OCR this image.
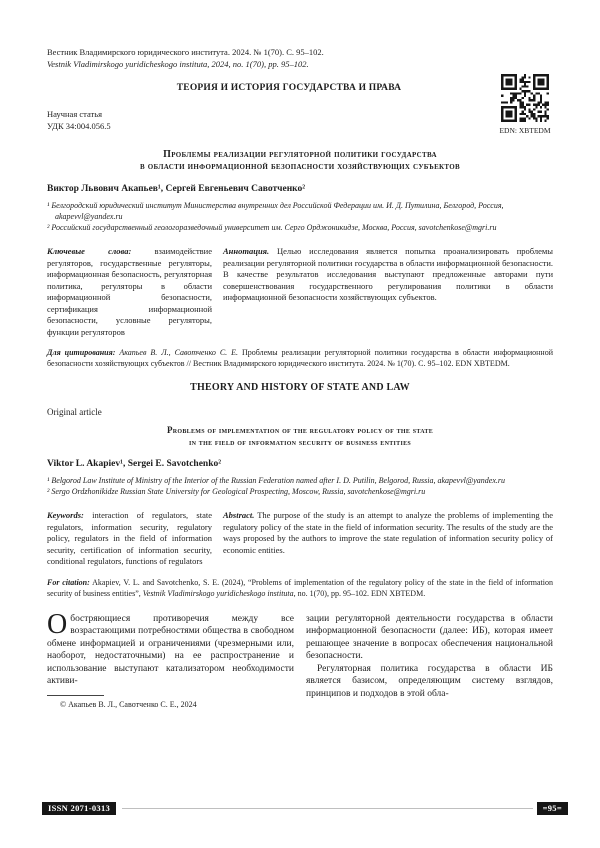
Вестник Владимирского юридического института. 2024. № 1(70). С. 95–102.
Vestnik Vladimirskogo yuridicheskogo instituta, 2024, no. 1(70), pp. 95–102.
EDN: XBTEDM
ТЕОРИЯ И ИСТОРИЯ ГОСУДАРСТВА И ПРАВА
Научная статья
УДК 34:004.056.5
Проблемы реализации регуляторной политики государства
в области информационной безопасности хозяйствующих субъектов
Виктор Львович Акапьев¹, Сергей Евгеньевич Савотченко²

¹ Белгородский юридический институт Министерства внутренних дел Российской Федерации им. И. Д. Путилина, Белгород, Россия, akapevvl@yandex.ru

² Российский государственный геологоразведочный университет им. Серго Орджоникидзе, Москва, Россия, savotchenkose@mgri.ru

Ключевые слова: взаимодействие регуляторов, государственные регуляторы, информационная безопасность, регуляторная политика, регуляторы в области информационной безопасности, сертификация информационной безопасности, условные регуляторы, функции регуляторов

Аннотация. Целью исследования является попытка проанализировать проблемы реализации регуляторной политики государства в области информационной безопасности. В качестве результатов исследования выступают предложенные авторами пути совершенствования государственного регулирования политики в области информационной безопасности хозяйствующих субъектов.

Для цитирования: Акапьев В. Л., Савотченко С. Е. Проблемы реализации регуляторной политики государства в области информационной безопасности хозяйствующих субъектов // Вестник Владимирского юридического института. 2024. № 1(70). С. 95–102. EDN XBTEDM.

THEORY AND HISTORY OF STATE AND LAW
Original article
Problems of implementation of the regulatory policy of the state
in the field of information security of business entities
Viktor L. Akapiev¹, Sergei E. Savotchenko²

¹ Belgorod Law Institute of Ministry of the Interior of the Russian Federation named after I. D. Putilin, Belgorod, Russia, akapevvl@yandex.ru

² Sergo Ordzhonikidze Russian State University for Geological Prospecting, Moscow, Russia, savotchenkose@mgri.ru

Keywords: interaction of regulators, state regulators, information security, regulatory policy, regulators in the field of information security, certification of information security, conditional regulators, functions of regulators

Abstract. The purpose of the study is an attempt to analyze the problems of implementing the regulatory policy of the state in the field of information security. The results of the study are the ways proposed by the authors to improve the state regulation of information security policy of economic entities.

For citation: Akapiev, V. L. and Savotchenko, S. E. (2024), “Problems of implementation of the regulatory policy of the state in the field of information security of business entities”, Vestnik Vladimirskogo yuridicheskogo instituta, no. 1(70), pp. 95–102. EDN XBTEDM.

Обостряющиеся противоречия между все возрастающими потребностями общества в свободном обмене информацией и ограничениями (чрезмерными или, наоборот, недостаточными) на ее распространение и использование выступают катализатором необходимости активи-

© Акапьев В. Л., Савотченко С. Е., 2024

зации регуляторной деятельности государства в области информационной безопасности (далее: ИБ), которая имеет решающее значение в вопросах обеспечения национальной безопасности.

Регуляторная политика государства в области ИБ является базисом, определяющим систему взглядов, принципов и подходов в этой обла-

ISSN 2071-0313	=95=
